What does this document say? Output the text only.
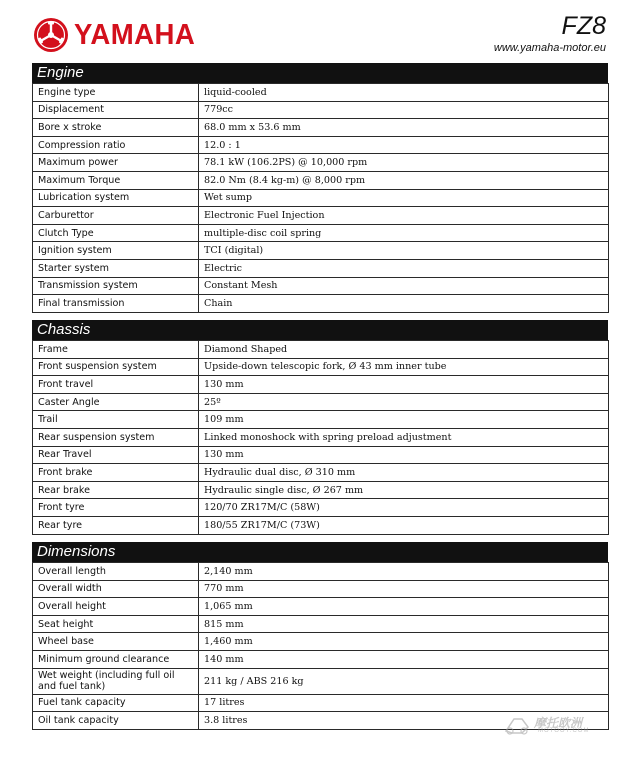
YAMAHA	FZ8
www.yamaha-motor.eu
Engine
Engine type	liquid-cooled
Displacement	779cc
Bore x stroke	68.0 mm x 53.6 mm
Compression ratio	12.0 : 1
Maximum power	78.1 kW (106.2PS) @ 10,000 rpm
Maximum Torque	82.0 Nm (8.4 kg-m) @ 8,000 rpm
Lubrication system	Wet sump
Carburettor	Electronic Fuel Injection
Clutch Type	multiple-disc coil spring
Ignition system	TCI (digital)
Starter system	Electric
Transmission system	Constant Mesh
Final transmission	Chain
Chassis
Frame	Diamond Shaped
Front suspension system	Upside-down telescopic fork, Ø 43 mm inner tube
Front travel	130 mm
Caster Angle	25º
Trail	109 mm
Rear suspension system	Linked monoshock with spring preload adjustment
Rear Travel	130 mm
Front brake	Hydraulic dual disc, Ø 310 mm
Rear brake	Hydraulic single disc, Ø 267 mm
Front tyre	120/70 ZR17M/C (58W)
Rear tyre	180/55 ZR17M/C (73W)
Dimensions
Overall length	2,140 mm
Overall width	770 mm
Overall height	1,065 mm
Seat height	815 mm
Wheel base	1,460 mm
Minimum ground clearance	140 mm
Wet weight (including full oil and fuel tank)	211 kg / ABS 216 kg
Fuel tank capacity	17 litres
Oil tank capacity	3.8 litres	摩托欧洲
MOTOOY.COM
